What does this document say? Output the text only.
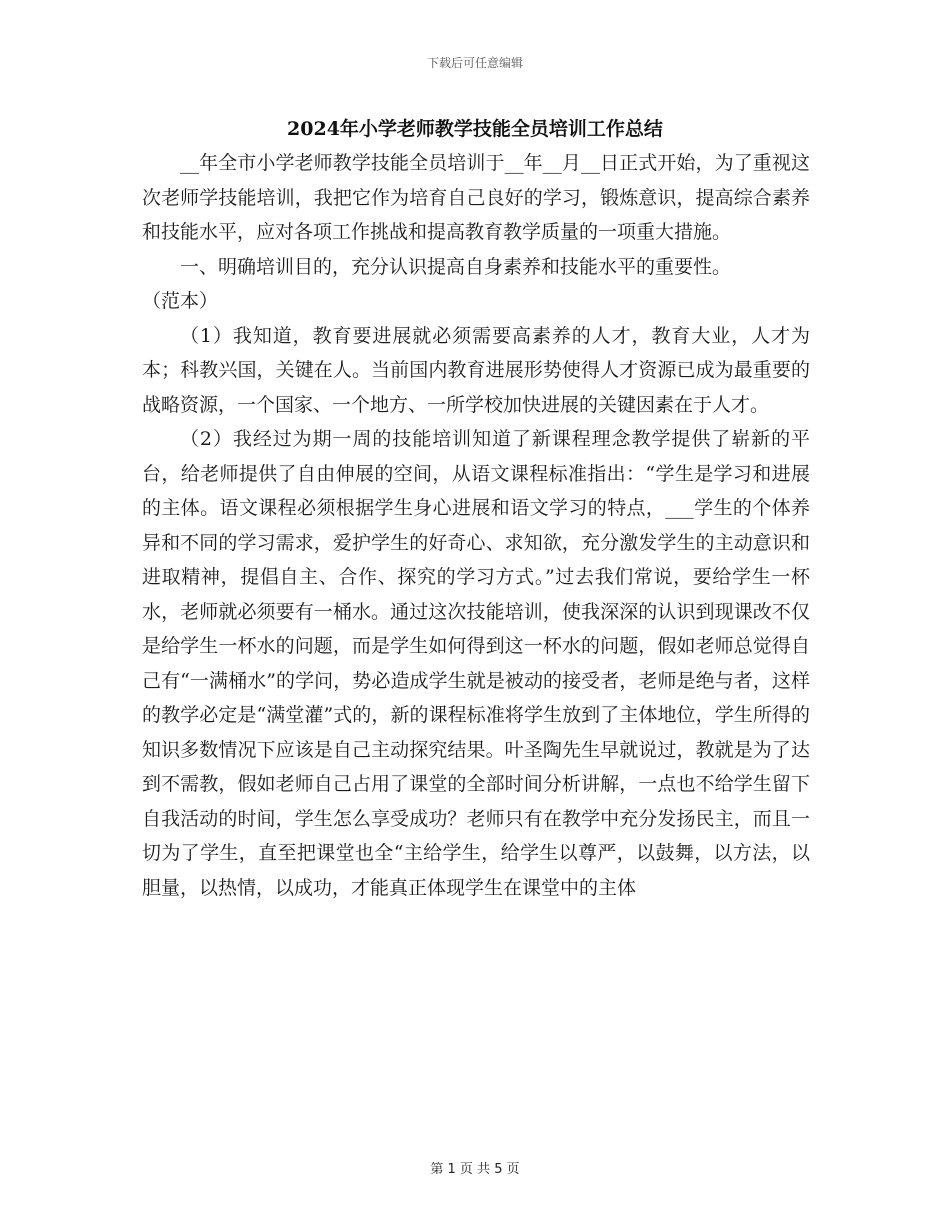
下载后可任意编辑
2024年小学老师教学技能全员培训工作总结

__年全市小学老师教学技能全员培训于__年__月__日正式开始，为了重视这次老师学技能培训，我把它作为培育自己良好的学习，锻炼意识，提高综合素养和技能水平，应对各项工作挑战和提高教育教学质量的一项重大措施。

一、明确培训目的，充分认识提高自身素养和技能水平的重要性。

（范本）

（1）我知道，教育要进展就必须需要高素养的人才，教育大业，人才为本；科教兴国，关键在人。当前国内教育进展形势使得人才资源已成为最重要的战略资源，一个国家、一个地方、一所学校加快进展的关键因素在于人才。

（2）我经过为期一周的技能培训知道了新课程理念教学提供了崭新的平台，给老师提供了自由伸展的空间，从语文课程标准指出：“学生是学习和进展的主体。语文课程必须根据学生身心进展和语文学习的特点，___学生的个体养异和不同的学习需求，爱护学生的好奇心、求知欲，充分激发学生的主动意识和进取精神，提倡自主、合作、探究的学习方式。”过去我们常说，要给学生一杯水，老师就必须要有一桶水。通过这次技能培训，使我深深的认识到现课改不仅是给学生一杯水的问题，而是学生如何得到这一杯水的问题，假如老师总觉得自己有“一满桶水”的学问，势必造成学生就是被动的接受者，老师是绝与者，这样的教学必定是“满堂灌”式的，新的课程标准将学生放到了主体地位，学生所得的知识多数情况下应该是自己主动探究结果。叶圣陶先生早就说过，教就是为了达到不需教，假如老师自己占用了课堂的全部时间分析讲解，一点也不给学生留下自我活动的时间，学生怎么享受成功？老师只有在教学中充分发扬民主，而且一切为了学生，直至把课堂也全“主给学生，给学生以尊严，以鼓舞，以方法，以胆量，以热情，以成功，才能真正体现学生在课堂中的主体

第 1 页 共 5 页
